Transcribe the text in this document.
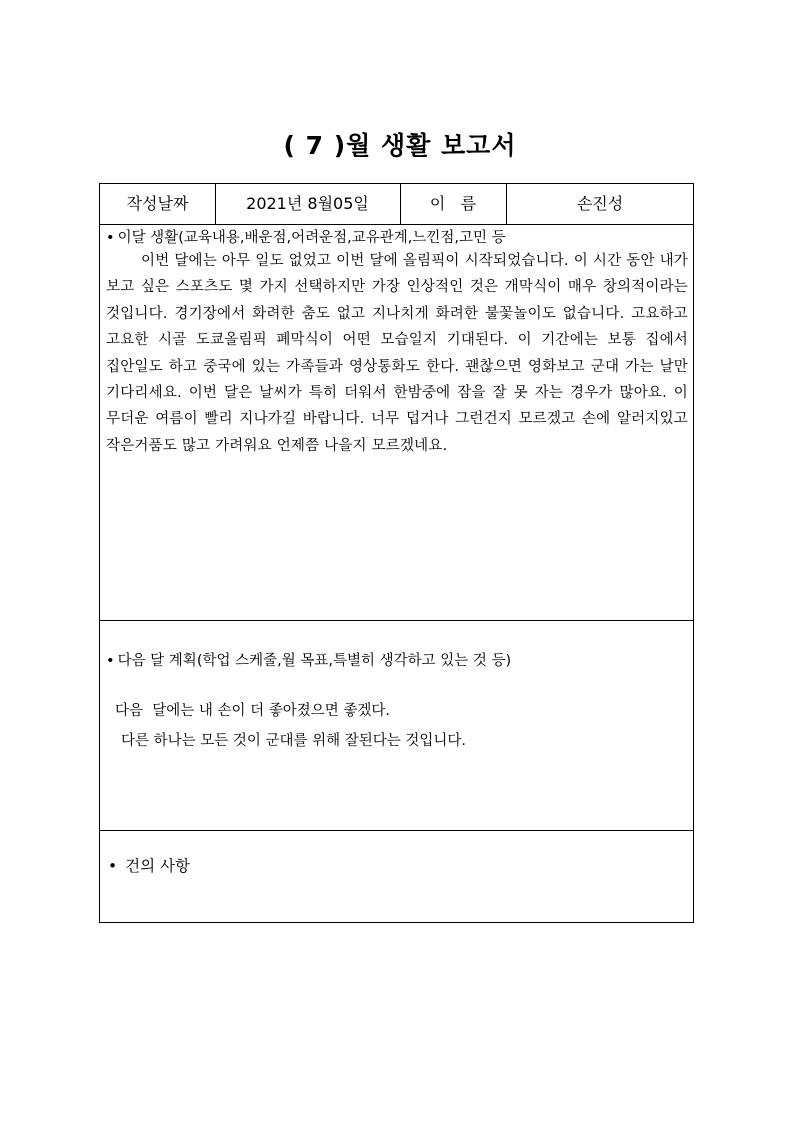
( 7 )월 생활 보고서
작성날짜	2021년 8월05일	이   름	손진성
• 이달 생활(교육내용,배운점,어려운점,교유관계,느낀점,고민 등
이번 달에는 아무 일도 없었고 이번 달에 올림픽이 시작되었습니다. 이 시간 동안 내가 보고 싶은 스포츠도 몇 가지 선택하지만 가장 인상적인 것은 개막식이 매우 창의적이라는 것입니다. 경기장에서 화려한 춤도 없고 지나치게 화려한 불꽃놀이도 없습니다. 고요하고 고요한 시골 도쿄올림픽 폐막식이 어떤 모습일지 기대된다. 이 기간에는 보통 집에서 집안일도 하고 중국에 있는 가족들과 영상통화도 한다. 괜찮으면 영화보고 군대 가는 날만 기다리세요. 이번 달은 날씨가 특히 더워서 한밤중에 잠을 잘 못 자는 경우가 많아요. 이 무더운 여름이 빨리 지나가길 바랍니다. 너무 덥거나 그런건지 모르겠고 손에 알러지있고 작은거품도 많고 가려워요 언제쯤 나을지 모르겠네요.
• 다음 달 계획(학업 스케줄,월 목표,특별히 생각하고 있는 것 등)
다음  달에는 내 손이 더 좋아졌으면 좋겠다.
다른 하나는 모든 것이 군대를 위해 잘된다는 것입니다.
• 건의 사항
